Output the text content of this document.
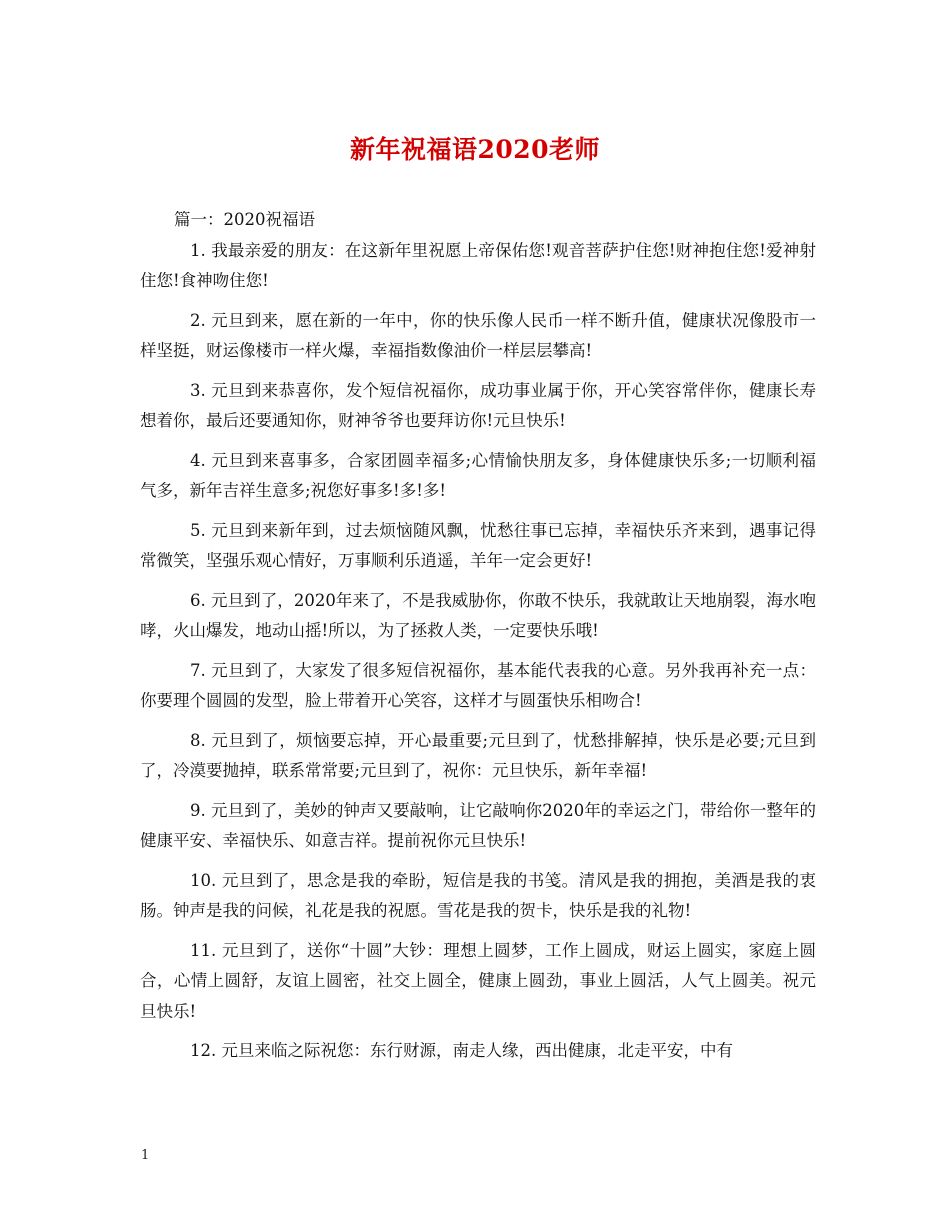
新年祝福语2020老师

篇一：2020祝福语

1. 我最亲爱的朋友：在这新年里祝愿上帝保佑您!观音菩萨护住您!财神抱住您!爱神射住您!食神吻住您!

2. 元旦到来，愿在新的一年中，你的快乐像人民币一样不断升值，健康状况像股市一样坚挺，财运像楼市一样火爆，幸福指数像油价一样层层攀高!

3. 元旦到来恭喜你，发个短信祝福你，成功事业属于你，开心笑容常伴你，健康长寿想着你，最后还要通知你，财神爷爷也要拜访你!元旦快乐!

4. 元旦到来喜事多，合家团圆幸福多;心情愉快朋友多，身体健康快乐多;一切顺利福气多，新年吉祥生意多;祝您好事多!多!多!

5. 元旦到来新年到，过去烦恼随风飘，忧愁往事已忘掉，幸福快乐齐来到，遇事记得常微笑，坚强乐观心情好，万事顺利乐逍遥，羊年一定会更好!

6. 元旦到了，2020年来了，不是我威胁你，你敢不快乐，我就敢让天地崩裂，海水咆哮，火山爆发，地动山摇!所以，为了拯救人类，一定要快乐哦!

7. 元旦到了，大家发了很多短信祝福你，基本能代表我的心意。另外我再补充一点：你要理个圆圆的发型，脸上带着开心笑容，这样才与圆蛋快乐相吻合!

8. 元旦到了，烦恼要忘掉，开心最重要;元旦到了，忧愁排解掉，快乐是必要;元旦到了，冷漠要抛掉，联系常常要;元旦到了，祝你：元旦快乐，新年幸福!

9. 元旦到了，美妙的钟声又要敲响，让它敲响你2020年的幸运之门，带给你一整年的健康平安、幸福快乐、如意吉祥。提前祝你元旦快乐!

10. 元旦到了，思念是我的牵盼，短信是我的书笺。清风是我的拥抱，美酒是我的衷肠。钟声是我的问候，礼花是我的祝愿。雪花是我的贺卡，快乐是我的礼物!

11. 元旦到了，送你“十圆”大钞：理想上圆梦，工作上圆成，财运上圆实，家庭上圆合，心情上圆舒，友谊上圆密，社交上圆全，健康上圆劲，事业上圆活，人气上圆美。祝元旦快乐!

12. 元旦来临之际祝您：东行财源，南走人缘，西出健康，北走平安，中有

1
